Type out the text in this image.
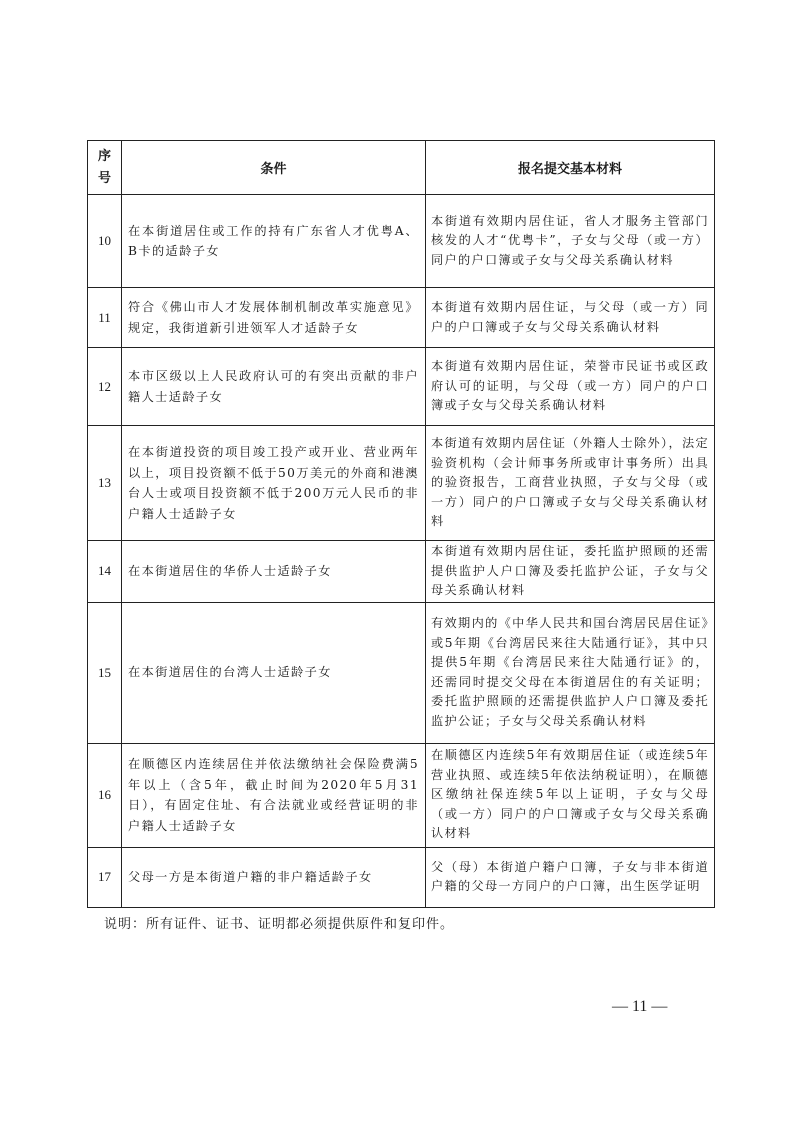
序
号	条件	报名提交基本材料
10	在本街道居住或工作的持有广东省人才优粤A、B卡的适龄子女	本街道有效期内居住证，省人才服务主管部门核发的人才“优粤卡”，子女与父母（或一方）同户的户口簿或子女与父母关系确认材料
11	符合《佛山市人才发展体制机制改革实施意见》规定，我街道新引进领军人才适龄子女	本街道有效期内居住证，与父母（或一方）同户的户口簿或子女与父母关系确认材料
12	本市区级以上人民政府认可的有突出贡献的非户籍人士适龄子女	本街道有效期内居住证，荣誉市民证书或区政府认可的证明，与父母（或一方）同户的户口簿或子女与父母关系确认材料
13	在本街道投资的项目竣工投产或开业、营业两年以上，项目投资额不低于50万美元的外商和港澳台人士或项目投资额不低于200万元人民币的非户籍人士适龄子女	本街道有效期内居住证（外籍人士除外），法定验资机构（会计师事务所或审计事务所）出具的验资报告，工商营业执照，子女与父母（或一方）同户的户口簿或子女与父母关系确认材料
14	在本街道居住的华侨人士适龄子女	本街道有效期内居住证，委托监护照顾的还需提供监护人户口簿及委托监护公证，子女与父母关系确认材料
15	在本街道居住的台湾人士适龄子女	有效期内的《中华人民共和国台湾居民居住证》或5年期《台湾居民来往大陆通行证》，其中只提供5年期《台湾居民来往大陆通行证》的，还需同时提交父母在本街道居住的有关证明；委托监护照顾的还需提供监护人户口簿及委托监护公证；子女与父母关系确认材料
16	在顺德区内连续居住并依法缴纳社会保险费满5年以上（含5年，截止时间为2020年5月31日），有固定住址、有合法就业或经营证明的非户籍人士适龄子女	在顺德区内连续5年有效期居住证（或连续5年营业执照、或连续5年依法纳税证明），在顺德区缴纳社保连续5年以上证明，子女与父母（或一方）同户的户口簿或子女与父母关系确认材料
17	父母一方是本街道户籍的非户籍适龄子女	父（母）本街道户籍户口簿，子女与非本街道户籍的父母一方同户的户口簿，出生医学证明
说明：所有证件、证书、证明都必须提供原件和复印件。
— 11 —
